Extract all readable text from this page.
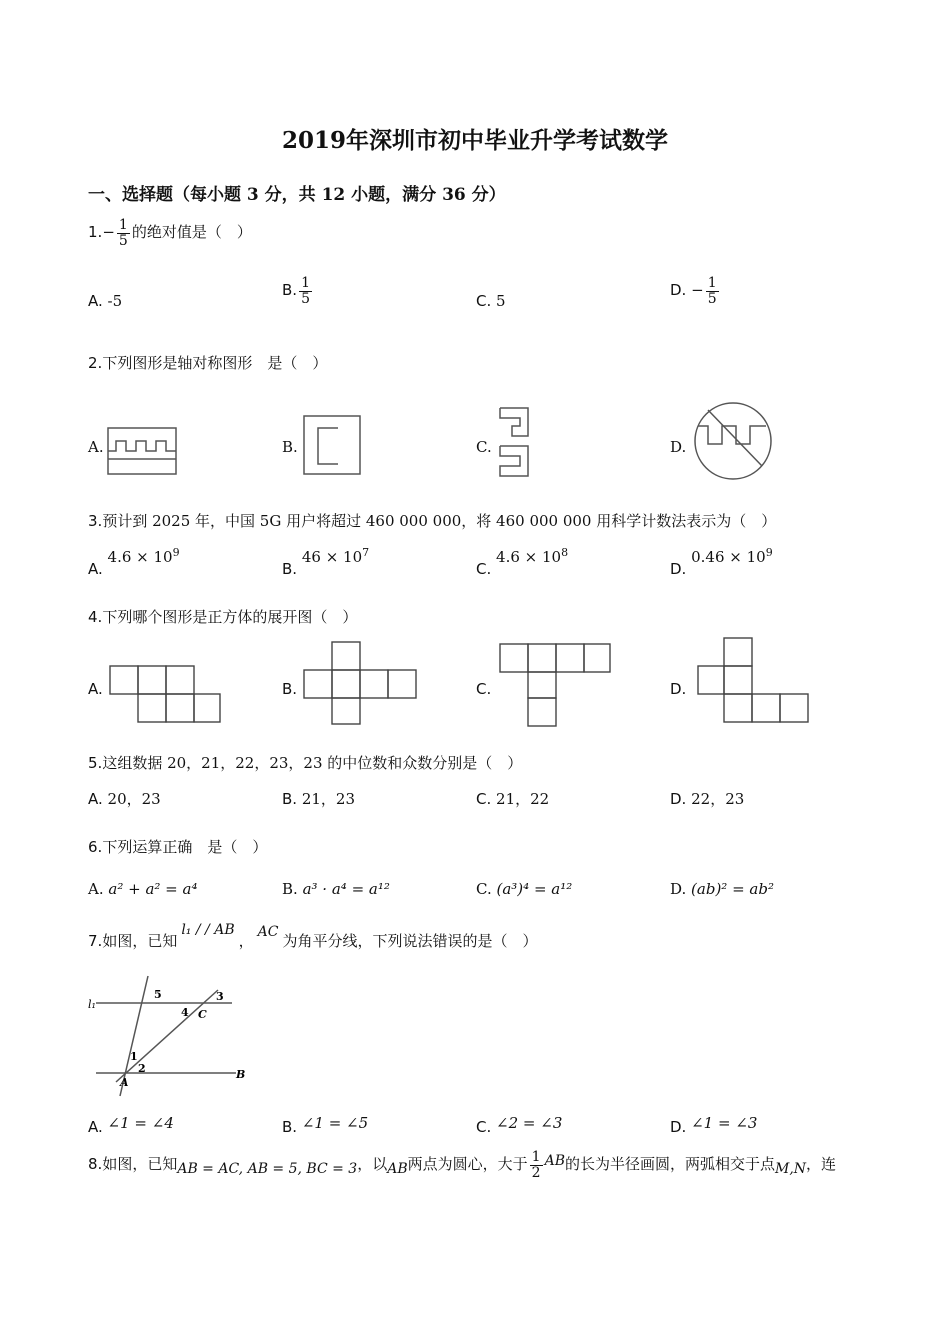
2019年深圳市初中毕业升学考试数学
一、选择题（每小题 3 分，共 12 小题，满分 36 分）
$1.- \frac{1}{5}$ 的绝对值是（　）
A. -5
B. $\frac{1}{5}$	C. 5
D. − $\frac{1}{5}$
2.下列图形是轴对称图形　是（　）
A.	B.	C.	D.
3.预计到 2025 年，中国 5G 用户将超过 460 000 000，将 460 000 000 用科学计数法表示为（　）
A. $4.6 \times 10^9$
B. $46 \times 10^7$
C. $4.6 \times 10^8$
D. $0.46 \times 10^9$
4.下列哪个图形是正方体的展开图（　）
A.	B.	C.	D.
5.这组数据 20，21，22，23，23 的中位数和众数分别是（　）
A. 20，23	B. 21，23	C. 21，22	D. 22，23
6.下列运算正确　是（　）
A. a² + a² = a⁴	B. a³ · a⁴ = a¹²	C. (a³)⁴ = a¹²	D. (ab)² = ab²
7.如图，已知l₁ / / AB， AC 为角平分线，下列说法错误的是（　）
l₁
5	3
4 C
1
2
A
B
A. ∠1 = ∠4	B. ∠1 = ∠5	C. ∠2 = ∠3	D. ∠1 = ∠3
8.如图，已知AB = AC, AB = 5, BC = 3，以AB两点为圆心，大于 $\frac{1}{2}$ AB的长为半径画圆，两弧相交于点M,N，连
